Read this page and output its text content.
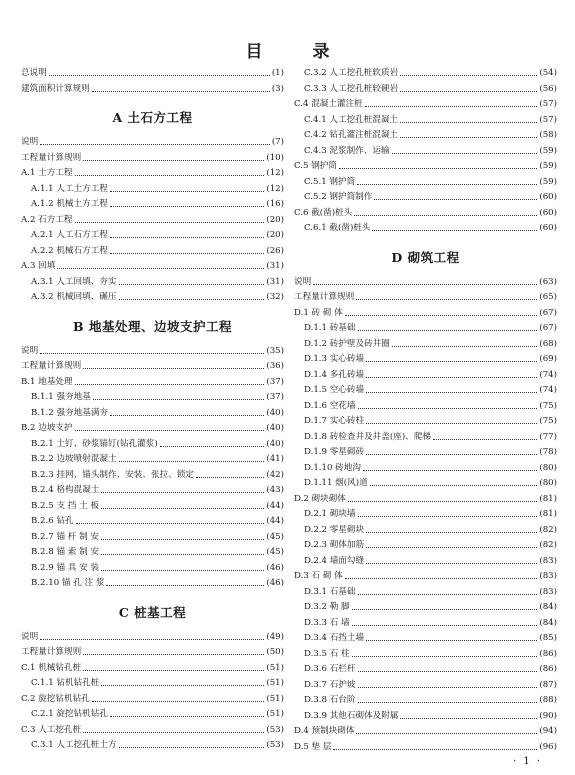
目 录
总说明	(1)
建筑面积计算规则	(3)
A 土石方工程
说明	(7)
工程量计算规则	(10)
A.1 土方工程	(12)
A.1.1 人工土方工程	(12)
A.1.2 机械土方工程	(16)
A.2 石方工程	(20)
A.2.1 人工石方工程	(20)
A.2.2 机械石方工程	(26)
A.3 回填	(31)
A.3.1 人工回填、夯实	(31)
A.3.2 机械回填、碾压	(32)
B 地基处理、边坡支护工程
说明	(35)
工程量计算规则	(36)
B.1 地基处理	(37)
B.1.1 强夯地基	(37)
B.1.2 强夯地基满夯	(40)
B.2 边坡支护	(40)
B.2.1 土钉、砂浆锚钉(钻孔灌浆)	(40)
B.2.2 边坡喷射混凝土	(41)
B.2.3 挂网、锚头制作、安装、张拉、锁定	(42)
B.2.4 格构混凝土	(43)
B.2.5 支 挡 土 板	(44)
B.2.6 钻孔	(44)
B.2.7 锚 杆 制 安	(45)
B.2.8 锚 索 制 安	(45)
B.2.9 锚 具 安 装	(46)
B.2.10 锚 孔 注 浆	(46)
C 桩基工程
说明	(49)
工程量计算规则	(50)
C.1 机械钻孔桩	(51)
C.1.1 钻机钻孔桩	(51)
C.2 旋挖钻机钻孔	(51)
C.2.1 旋挖钻机钻孔	(51)
C.3 人工挖孔桩	(53)
C.3.1 人工挖孔桩土方	(53)
C.3.2 人工挖孔桩软质岩	(54)
C.3.3 人工挖孔桩较硬岩	(56)
C.4 混凝土灌注桩	(57)
C.4.1 人工挖孔桩混凝土	(57)
C.4.2 钻孔灌注桩混凝土	(58)
C.4.3 泥浆制作、运输	(59)
C.5 钢护筒	(59)
C.5.1 钢护筒	(59)
C.5.2 钢护筒制作	(60)
C.6 截(凿)桩头	(60)
C.6.1 截(凿)桩头	(60)
D 砌筑工程
说明	(63)
工程量计算规则	(65)
D.1 砖 砌 体	(67)
D.1.1 砖基础	(67)
D.1.2 砖护壁及砖井圈	(68)
D.1.3 实心砖墙	(69)
D.1.4 多孔砖墙	(74)
D.1.5 空心砖墙	(74)
D.1.6 空花墙	(75)
D.1.7 实心砖柱	(75)
D.1.8 砖检查井及井盖(座)、爬梯	(77)
D.1.9 零星砌砖	(78)
D.1.10 砖地沟	(80)
D.1.11 烟(风)道	(80)
D.2 砌块砌体	(81)
D.2.1 砌块墙	(81)
D.2.2 零星砌块	(82)
D.2.3 砌体加筋	(82)
D.2.4 墙面勾缝	(83)
D.3 石 砌 体	(83)
D.3.1 石基础	(83)
D.3.2 勒 脚	(84)
D.3.3 石 墙	(84)
D.3.4 石挡土墙	(85)
D.3.5 石 柱	(86)
D.3.6 石栏杆	(86)
D.3.7 石护坡	(87)
D.3.8 石台阶	(88)
D.3.9 其他石砌体及附属	(90)
D.4 预制块砌体	(94)
D.5 垫 层	(96)
· 1 ·
